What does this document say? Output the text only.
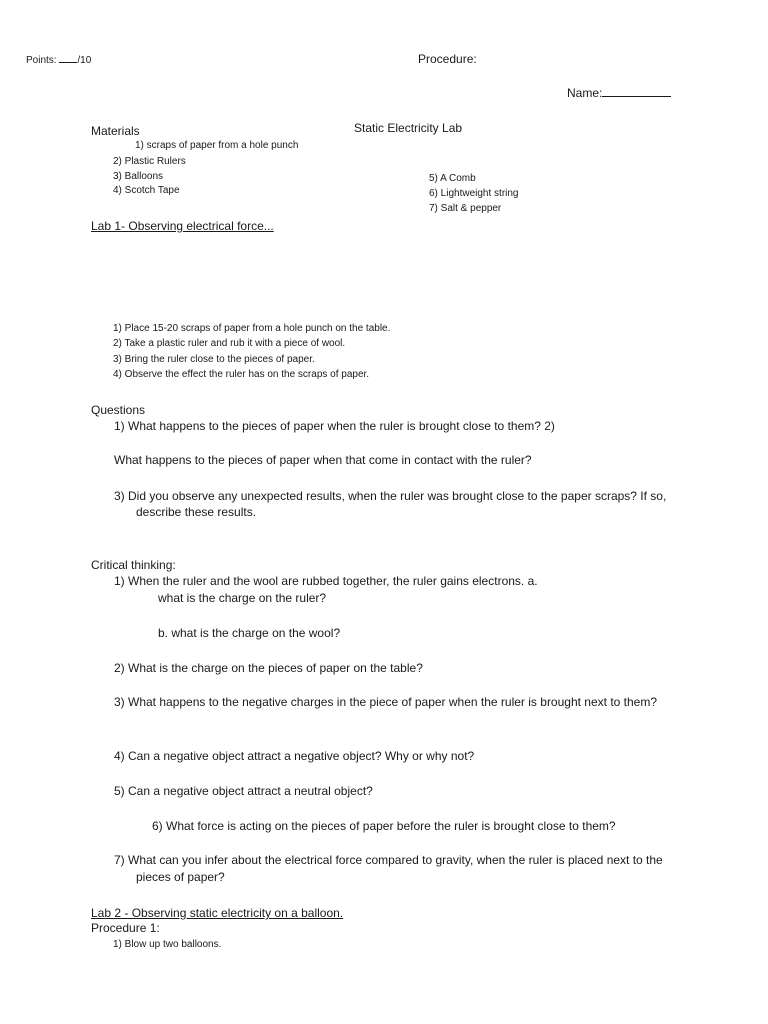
Points: /10	Procedure:
Name:
Static Electricity Lab
Materials
1) scraps of paper from a hole punch
2) Plastic Rulers
3) Balloons
4) Scotch Tape
5) A Comb
6) Lightweight string
7) Salt & pepper
Lab 1- Observing electrical force...
1) Place 15-20 scraps of paper from a hole punch on the table.
2) Take a plastic ruler and rub it with a piece of wool.
3) Bring the ruler close to the pieces of paper.
4) Observe the effect the ruler has on the scraps of paper.
Questions
1) What happens to the pieces of paper when the ruler is brought close to them? 2)
What happens to the pieces of paper when that come in contact with the ruler?
3) Did you observe any unexpected results, when the ruler was brought close to the paper scraps? If so,
describe these results.
Critical thinking:
1) When the ruler and the wool are rubbed together, the ruler gains electrons. a.
what is the charge on the ruler?
b. what is the charge on the wool?
2) What is the charge on the pieces of paper on the table?
3) What happens to the negative charges in the piece of paper when the ruler is brought next to them?
4) Can a negative object attract a negative object? Why or why not?
5) Can a negative object attract a neutral object?
6) What force is acting on the pieces of paper before the ruler is brought close to them?
7) What can you infer about the electrical force compared to gravity, when the ruler is placed next to the
pieces of paper?
Lab 2 - Observing static electricity on a balloon.
Procedure 1:
1) Blow up two balloons.
